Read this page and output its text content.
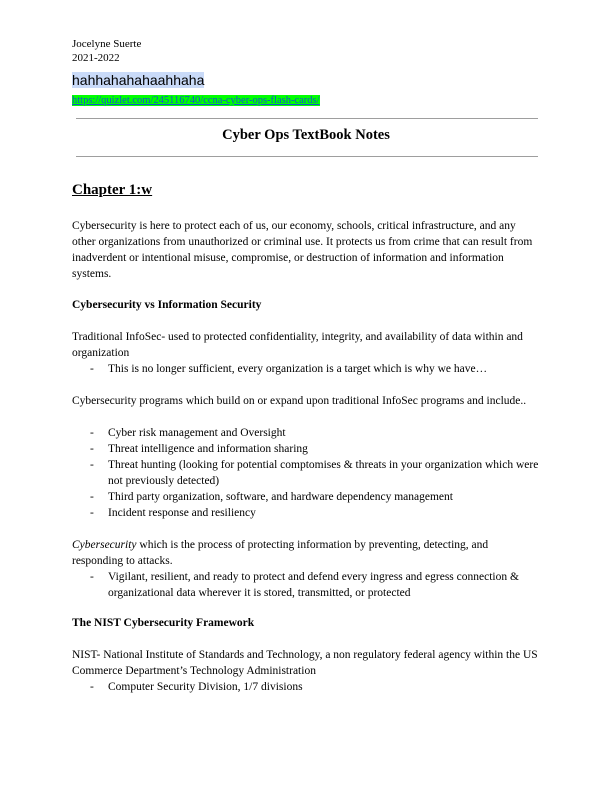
Jocelyne Suerte
2021-2022
hahhahahahaahhaha
https://quizlet.com/245116740/ccna-cyber-ops-flash-cards/
Cyber Ops TextBook Notes
Chapter 1:w
Cybersecurity is here to protect each of us, our economy, schools, critical infrastructure, and any other organizations from unauthorized or criminal use. It protects us from crime that can result from inadverdent or intentional misuse, compromise, or destruction of information and information systems.
Cybersecurity vs Information Security
Traditional InfoSec- used to protected confidentiality, integrity, and availability of data within and organization
- This is no longer sufficient, every organization is a target which is why we have…
Cybersecurity programs which build on or expand upon traditional InfoSec programs and include..
- Cyber risk management and Oversight
- Threat intelligence and information sharing
- Threat hunting (looking for potential comptomises & threats in your organization which were not previously detected)
- Third party organization, software, and hardware dependency management
- Incident response and resiliency
Cybersecurity which is the process of protecting information by preventing, detecting, and responding to attacks.
- Vigilant, resilient, and ready to protect and defend every ingress and egress connection & organizational data wherever it is stored, transmitted, or protected
The NIST Cybersecurity Framework
NIST- National Institute of Standards and Technology, a non regulatory federal agency within the US Commerce Department’s Technology Administration
- Computer Security Division, 1/7 divisions
